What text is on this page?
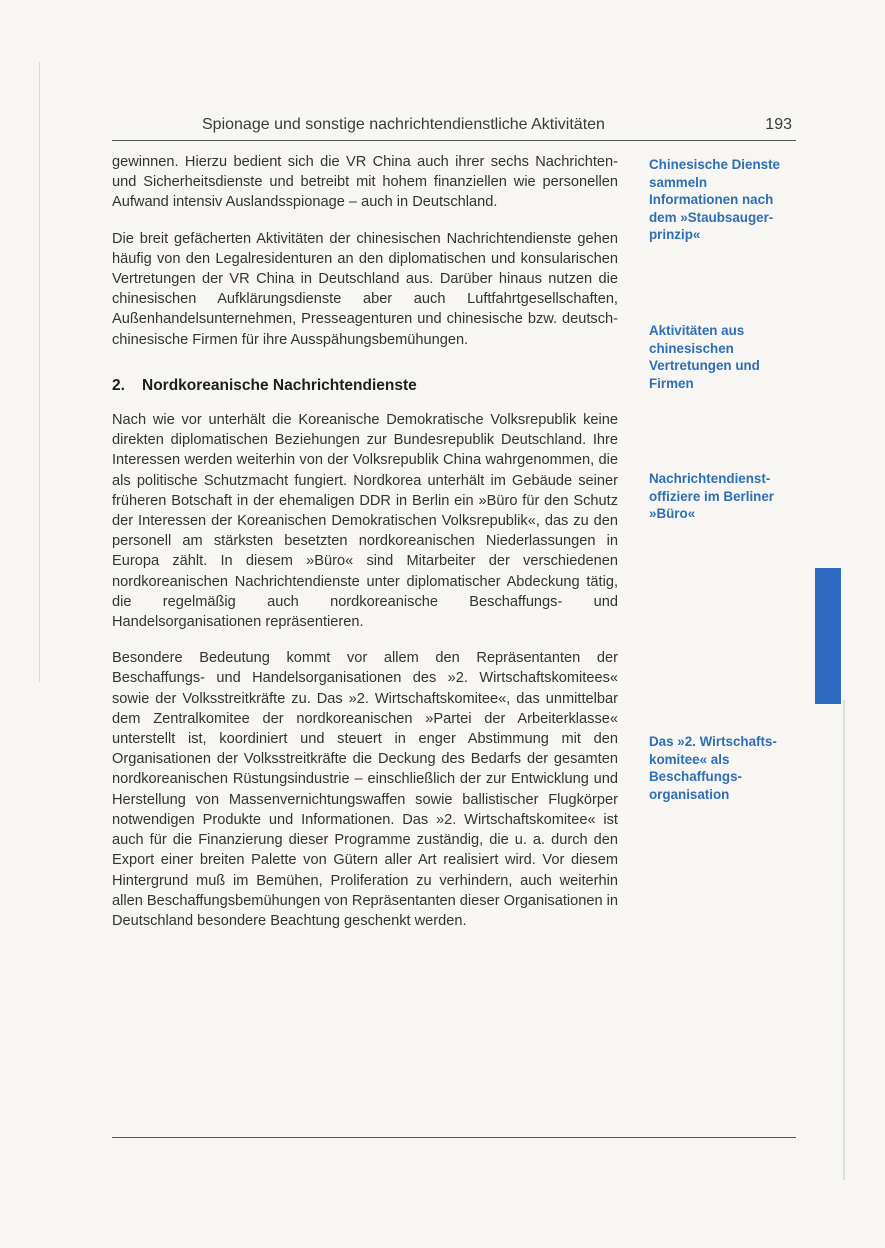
Spionage und sonstige nachrichtendienstliche Aktivitäten	193

gewinnen. Hierzu bedient sich die VR China auch ihrer sechs Nachrichten- und Sicherheitsdienste und betreibt mit hohem finanziellen wie personellen Aufwand intensiv Auslandsspionage – auch in Deutschland.

Die breit gefächerten Aktivitäten der chinesischen Nachrichtendienste gehen häufig von den Legalresidenturen an den diplomatischen und konsularischen Vertretungen der VR China in Deutschland aus. Darüber hinaus nutzen die chinesischen Aufklärungsdienste aber auch Luftfahrtgesellschaften, Außenhandelsunternehmen, Presseagenturen und chinesische bzw. deutsch-chinesische Firmen für ihre Ausspähungsbemühungen.

2. Nordkoreanische Nachrichtendienste

Nach wie vor unterhält die Koreanische Demokratische Volksrepublik keine direkten diplomatischen Beziehungen zur Bundesrepublik Deutschland. Ihre Interessen werden weiterhin von der Volksrepublik China wahrgenommen, die als politische Schutzmacht fungiert. Nordkorea unterhält im Gebäude seiner früheren Botschaft in der ehemaligen DDR in Berlin ein »Büro für den Schutz der Interessen der Koreanischen Demokratischen Volksrepublik«, das zu den personell am stärksten besetzten nordkoreanischen Niederlassungen in Europa zählt. In diesem »Büro« sind Mitarbeiter der verschiedenen nordkoreanischen Nachrichtendienste unter diplomatischer Abdeckung tätig, die regelmäßig auch nordkoreanische Beschaffungs- und Handelsorganisationen repräsentieren.

Besondere Bedeutung kommt vor allem den Repräsentanten der Beschaffungs- und Handelsorganisationen des »2. Wirtschaftskomitees« sowie der Volksstreitkräfte zu. Das »2. Wirtschaftskomitee«, das unmittelbar dem Zentralkomitee der nordkoreanischen »Partei der Arbeiterklasse« unterstellt ist, koordiniert und steuert in enger Abstimmung mit den Organisationen der Volksstreitkräfte die Deckung des Bedarfs der gesamten nordkoreanischen Rüstungsindustrie – einschließlich der zur Entwicklung und Herstellung von Massenvernichtungswaffen sowie ballistischer Flugkörper notwendigen Produkte und Informationen. Das »2. Wirtschaftskomitee« ist auch für die Finanzierung dieser Programme zuständig, die u. a. durch den Export einer breiten Palette von Gütern aller Art realisiert wird. Vor diesem Hintergrund muß im Bemühen, Proliferation zu verhindern, auch weiterhin allen Beschaffungsbemühungen von Repräsentanten dieser Organisationen in Deutschland besondere Beachtung geschenkt werden.

Chinesische Dienste sammeln Informationen nach dem »Staubsauger-prinzip«
Aktivitäten aus chinesischen Vertretungen und Firmen
Nachrichtendienst-offiziere im Berliner »Büro«
Das »2. Wirtschafts-komitee« als Beschaffungs-organisation
